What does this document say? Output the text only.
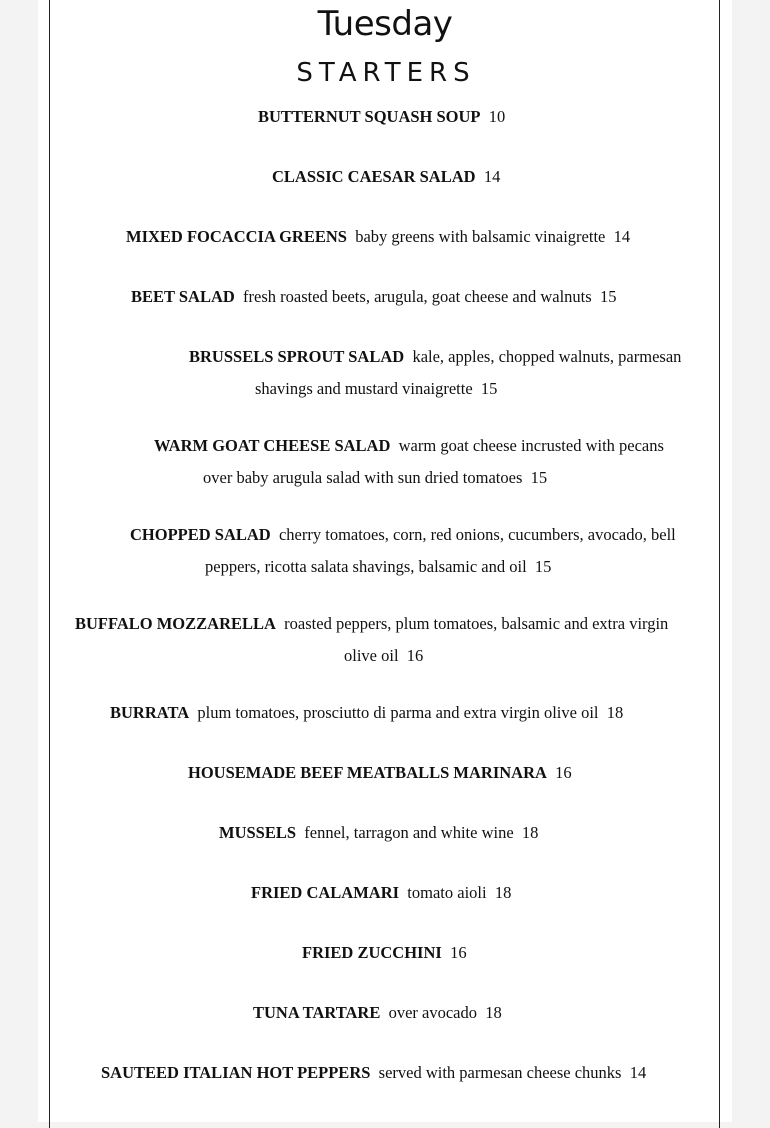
Tuesday
STARTERS
BUTTERNUT SQUASH SOUP 10
CLASSIC CAESAR SALAD 14
MIXED FOCACCIA GREENS baby greens with balsamic vinaigrette 14
BEET SALAD fresh roasted beets, arugula, goat cheese and walnuts 15
BRUSSELS SPROUT SALAD kale, apples, chopped walnuts, parmesan
shavings and mustard vinaigrette 15
WARM GOAT CHEESE SALAD warm goat cheese incrusted with pecans
over baby arugula salad with sun dried tomatoes 15
CHOPPED SALAD cherry tomatoes, corn, red onions, cucumbers, avocado, bell
peppers, ricotta salata shavings, balsamic and oil 15
BUFFALO MOZZARELLA roasted peppers, plum tomatoes, balsamic and extra virgin
olive oil 16
BURRATA plum tomatoes, prosciutto di parma and extra virgin olive oil 18
HOUSEMADE BEEF MEATBALLS MARINARA 16
MUSSELS fennel, tarragon and white wine 18
FRIED CALAMARI tomato aioli 18
FRIED ZUCCHINI 16
TUNA TARTARE over avocado 18
SAUTEED ITALIAN HOT PEPPERS served with parmesan cheese chunks 14
